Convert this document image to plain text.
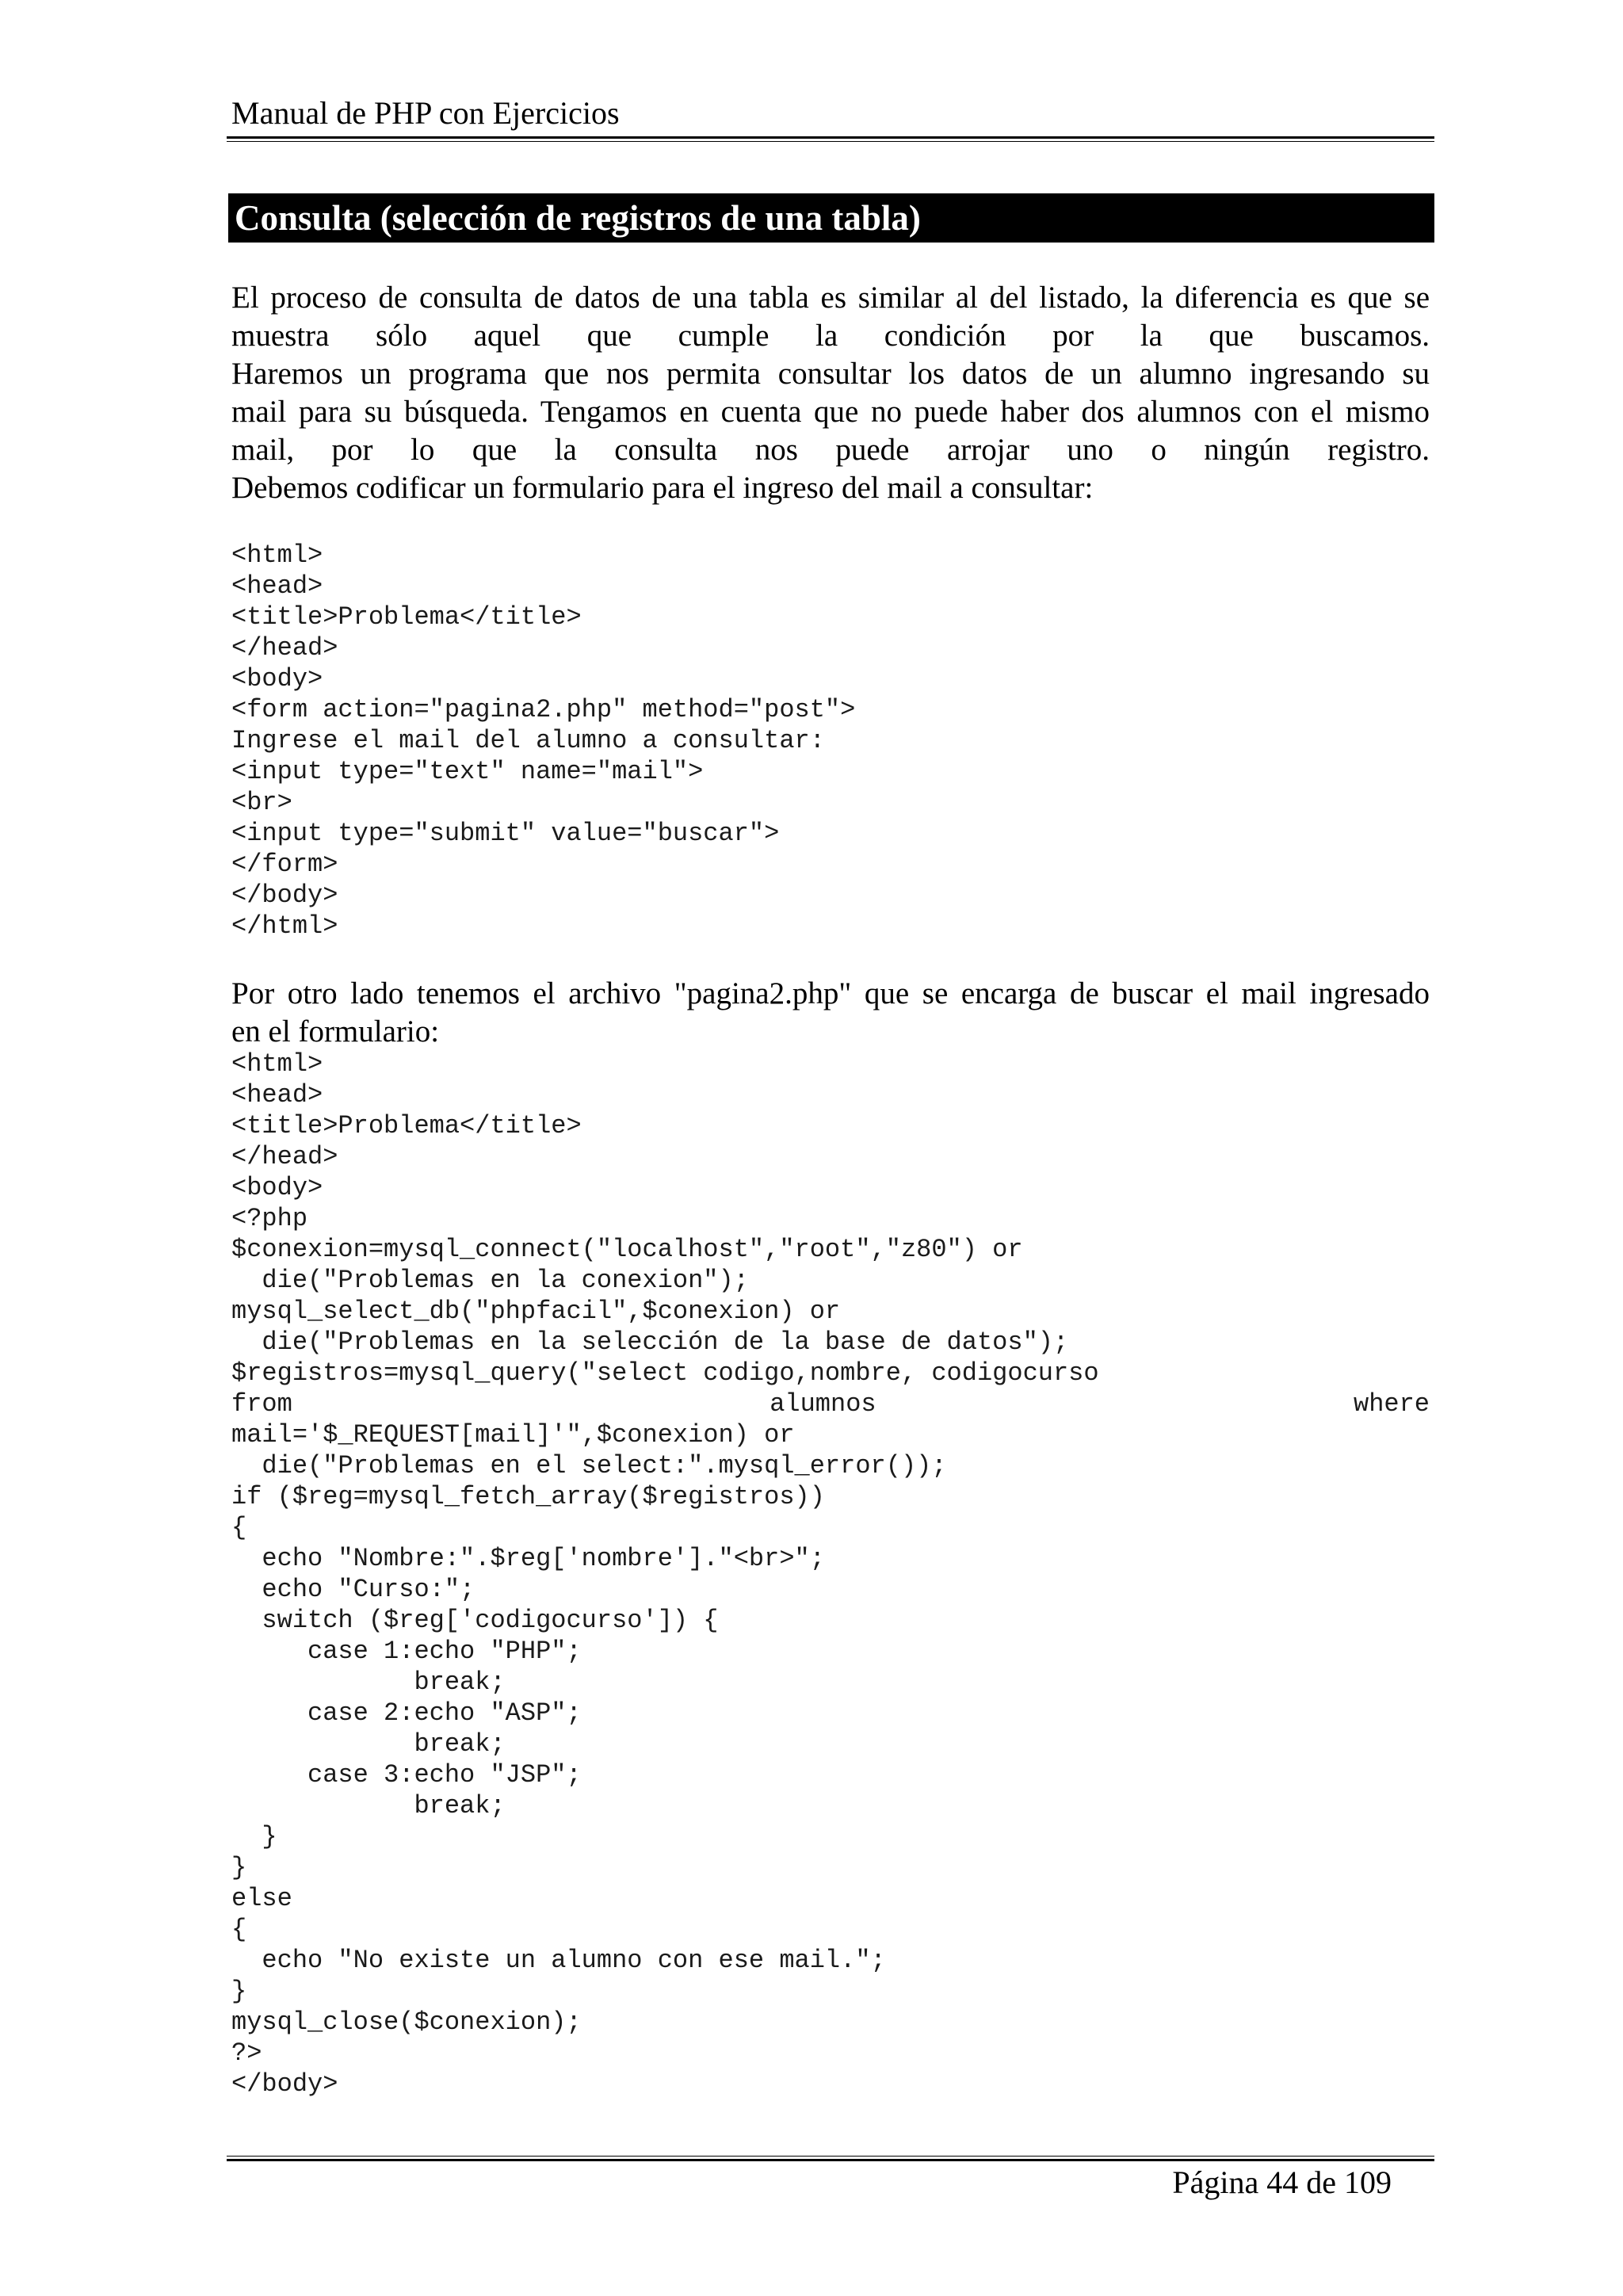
Manual de PHP con Ejercicios
Consulta (selección de registros de una tabla)
El proceso de consulta de datos de una tabla es similar al del listado, la diferencia es que se
muestra sólo aquel que cumple la condición por la que buscamos.
Haremos un programa que nos permita consultar los datos de un alumno ingresando su
mail para su búsqueda. Tengamos en cuenta que no puede haber dos alumnos con el mismo
mail, por lo que la consulta nos puede arrojar uno o ningún registro.
Debemos codificar un formulario para el ingreso del mail a consultar:
<html>
<head>
<title>Problema</title>
</head>
<body>
<form action="pagina2.php" method="post">
Ingrese el mail del alumno a consultar:
<input type="text" name="mail">
<br>
<input type="submit" value="buscar">
</form>
</body>
</html>
Por otro lado tenemos el archivo "pagina2.php" que se encarga de buscar el mail ingresado
en el formulario:
<html>
<head>
<title>Problema</title>
</head>
<body>
<?php
$conexion=mysql_connect("localhost","root","z80") or
die("Problemas en la conexion");
mysql_select_db("phpfacil",$conexion) or
die("Problemas en la selección de la base de datos");
$registros=mysql_query("select codigo,nombre, codigocurso
from alumnos where
mail='$_REQUEST[mail]'",$conexion) or
die("Problemas en el select:".mysql_error());
if ($reg=mysql_fetch_array($registros))
{
echo "Nombre:".$reg['nombre']."<br>";
echo "Curso:";
switch ($reg['codigocurso']) {
case 1:echo "PHP";
break;
case 2:echo "ASP";
break;
case 3:echo "JSP";
break;
}
}
else
{
echo "No existe un alumno con ese mail.";
}
mysql_close($conexion);
?>
</body>
Página 44 de 109
